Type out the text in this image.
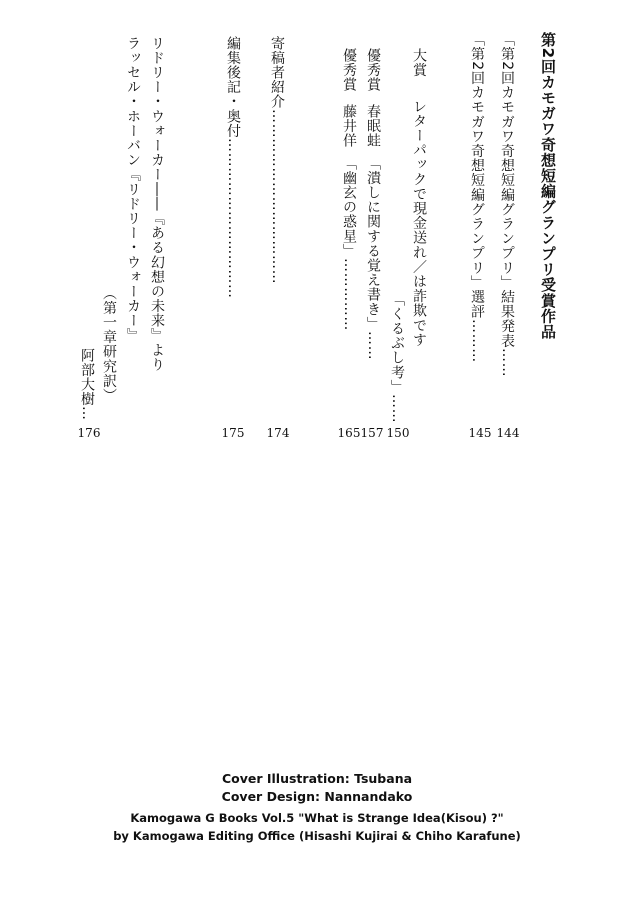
第2回カモガワ奇想短編グランプリ受賞作品
「第2回カモガワ奇想短編グランプリ」結果発表……
「第2回カモガワ奇想短編グランプリ」選評………
大賞レターパックで現金送れ／は詐欺です
「くるぶし考」……
優秀賞春眠蛙「潰しに関する覚え書き」……
優秀賞藤井佯「幽玄の惑星」……………
寄稿者紹介………………………………
編集後記・奥付……………………………
リドリー・ウォーカー――『ある幻想の未来』より
ラッセル・ホーバン『リドリー・ウォーカー』
（第一章研究訳）
阿部大樹…
144
145
150
157
165
174
175
176
Cover Illustration: Tsubana
Cover Design: Nannandako
Kamogawa G Books Vol.5 "What is Strange Idea(Kisou) ?"
by Kamogawa Editing Office (Hisashi Kujirai & Chiho Karafune)
